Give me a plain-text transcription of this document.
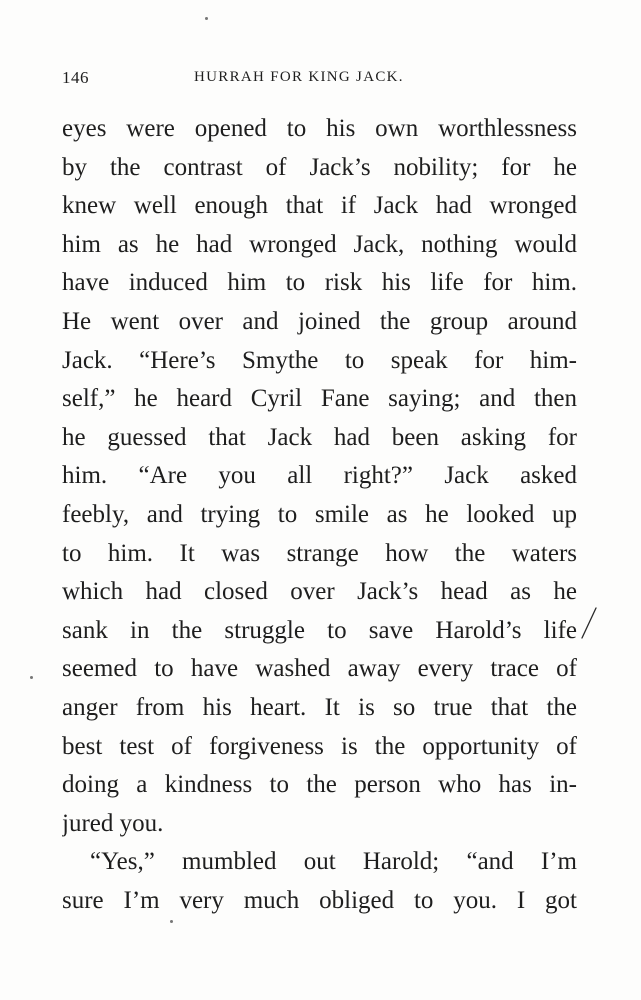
146	HURRAH FOR KING JACK.
eyes were opened to his own worthlessness
by the contrast of Jack’s nobility; for he
knew well enough that if Jack had wronged
him as he had wronged Jack, nothing would
have induced him to risk his life for him.
He went over and joined the group around
Jack. “Here’s Smythe to speak for him-
self,” he heard Cyril Fane saying; and then
he guessed that Jack had been asking for
him. “Are you all right?” Jack asked
feebly, and trying to smile as he looked up
to him. It was strange how the waters
which had closed over Jack’s head as he
sank in the struggle to save Harold’s life
seemed to have washed away every trace of
anger from his heart. It is so true that the
best test of forgiveness is the opportunity of
doing a kindness to the person who has in-
jured you.
“Yes,” mumbled out Harold; “and I’m
sure I’m very much obliged to you. I got
